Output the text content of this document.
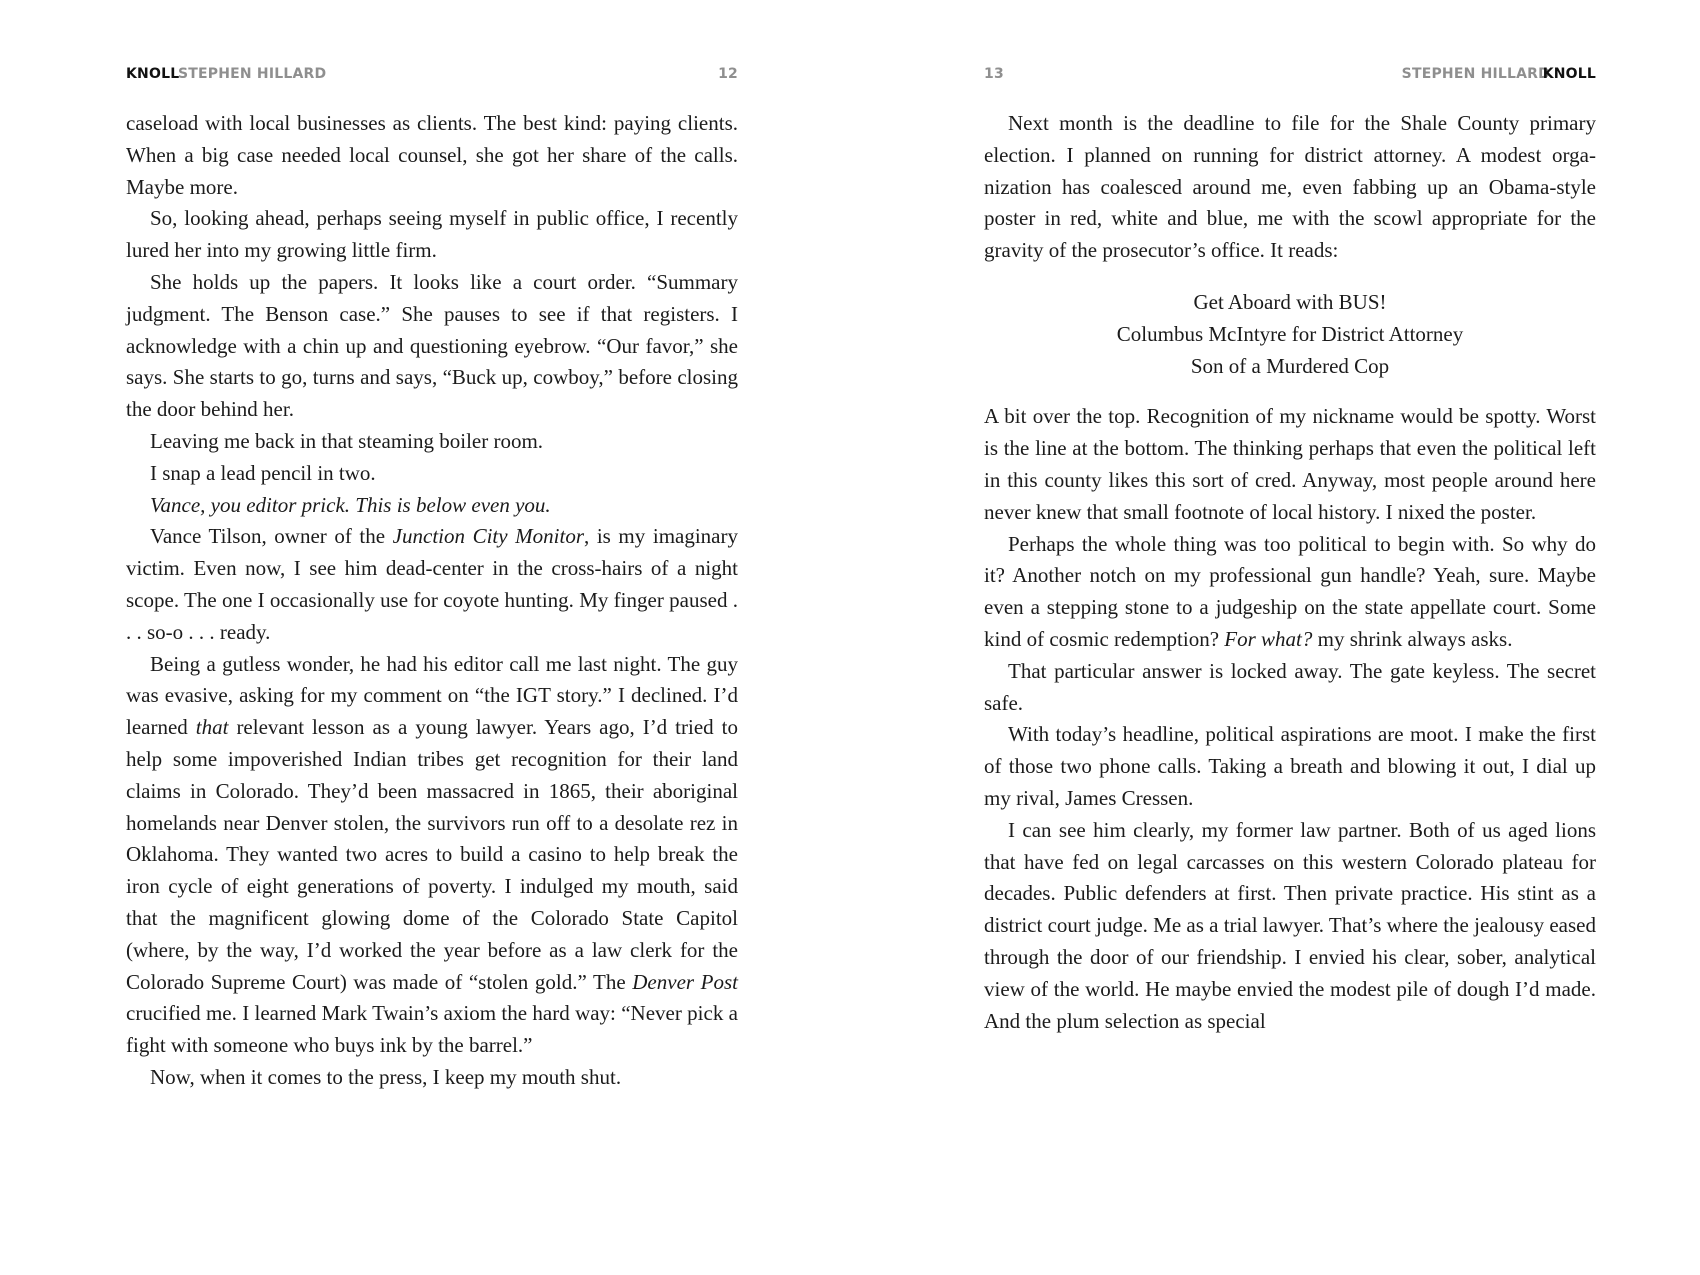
KNOLL
STEPHEN HILLARD	12

caseload with local businesses as clients. The best kind: paying clients. When a big case needed local counsel, she got her share of the calls. Maybe more.

So, looking ahead, perhaps seeing myself in public office, I recently lured her into my growing little firm.

She holds up the papers. It looks like a court order. “Summary judgment. The Benson case.” She pauses to see if that registers. I acknowledge with a chin up and questioning eyebrow. “Our favor,” she says. She starts to go, turns and says, “Buck up, cowboy,” before closing the door behind her.

Leaving me back in that steaming boiler room.

I snap a lead pencil in two.

Vance, you editor prick. This is below even you.

Vance Tilson, owner of the Junction City Monitor, is my imaginary victim. Even now, I see him dead-center in the cross-hairs of a night scope. The one I occasionally use for coyote hunting. My finger paused . . . so-o . . . ready.

Being a gutless wonder, he had his editor call me last night. The guy was evasive, asking for my comment on “the IGT story.” I declined. I’d learned that relevant lesson as a young lawyer. Years ago, I’d tried to help some impoverished Indian tribes get recognition for their land claims in Colorado. They’d been massacred in 1865, their aboriginal homelands near Denver stolen, the survivors run off to a desolate rez in Oklahoma. They wanted two acres to build a casino to help break the iron cycle of eight generations of poverty. I indulged my mouth, said that the magnificent glowing dome of the Colorado State Capitol (where, by the way, I’d worked the year before as a law clerk for the Colorado Supreme Court) was made of “stolen gold.” The Denver Post crucified me. I learned Mark Twain’s axiom the hard way: “Never pick a fight with someone who buys ink by the barrel.”

Now, when it comes to the press, I keep my mouth shut.

13	STEPHEN HILLARD
KNOLL

Next month is the deadline to file for the Shale County primary election. I planned on running for district attorney. A modest organization has coalesced around me, even fabbing up an Obama-style poster in red, white and blue, me with the scowl appropriate for the gravity of the prosecutor’s office. It reads:

Get Aboard with BUS!
Columbus McIntyre for District Attorney
Son of a Murdered Cop

A bit over the top. Recognition of my nickname would be spotty. Worst is the line at the bottom. The thinking perhaps that even the political left in this county likes this sort of cred. Anyway, most people around here never knew that small footnote of local history. I nixed the poster.

Perhaps the whole thing was too political to begin with. So why do it? Another notch on my professional gun handle? Yeah, sure. Maybe even a stepping stone to a judgeship on the state appellate court. Some kind of cosmic redemption? For what? my shrink always asks.

That particular answer is locked away. The gate keyless. The secret safe.

With today’s headline, political aspirations are moot. I make the first of those two phone calls. Taking a breath and blowing it out, I dial up my rival, James Cressen.

I can see him clearly, my former law partner. Both of us aged lions that have fed on legal carcasses on this western Colorado plateau for decades. Public defenders at first. Then private practice. His stint as a district court judge. Me as a trial lawyer. That’s where the jealousy eased through the door of our friendship. I envied his clear, sober, analytical view of the world. He maybe envied the modest pile of dough I’d made. And the plum selection as special
